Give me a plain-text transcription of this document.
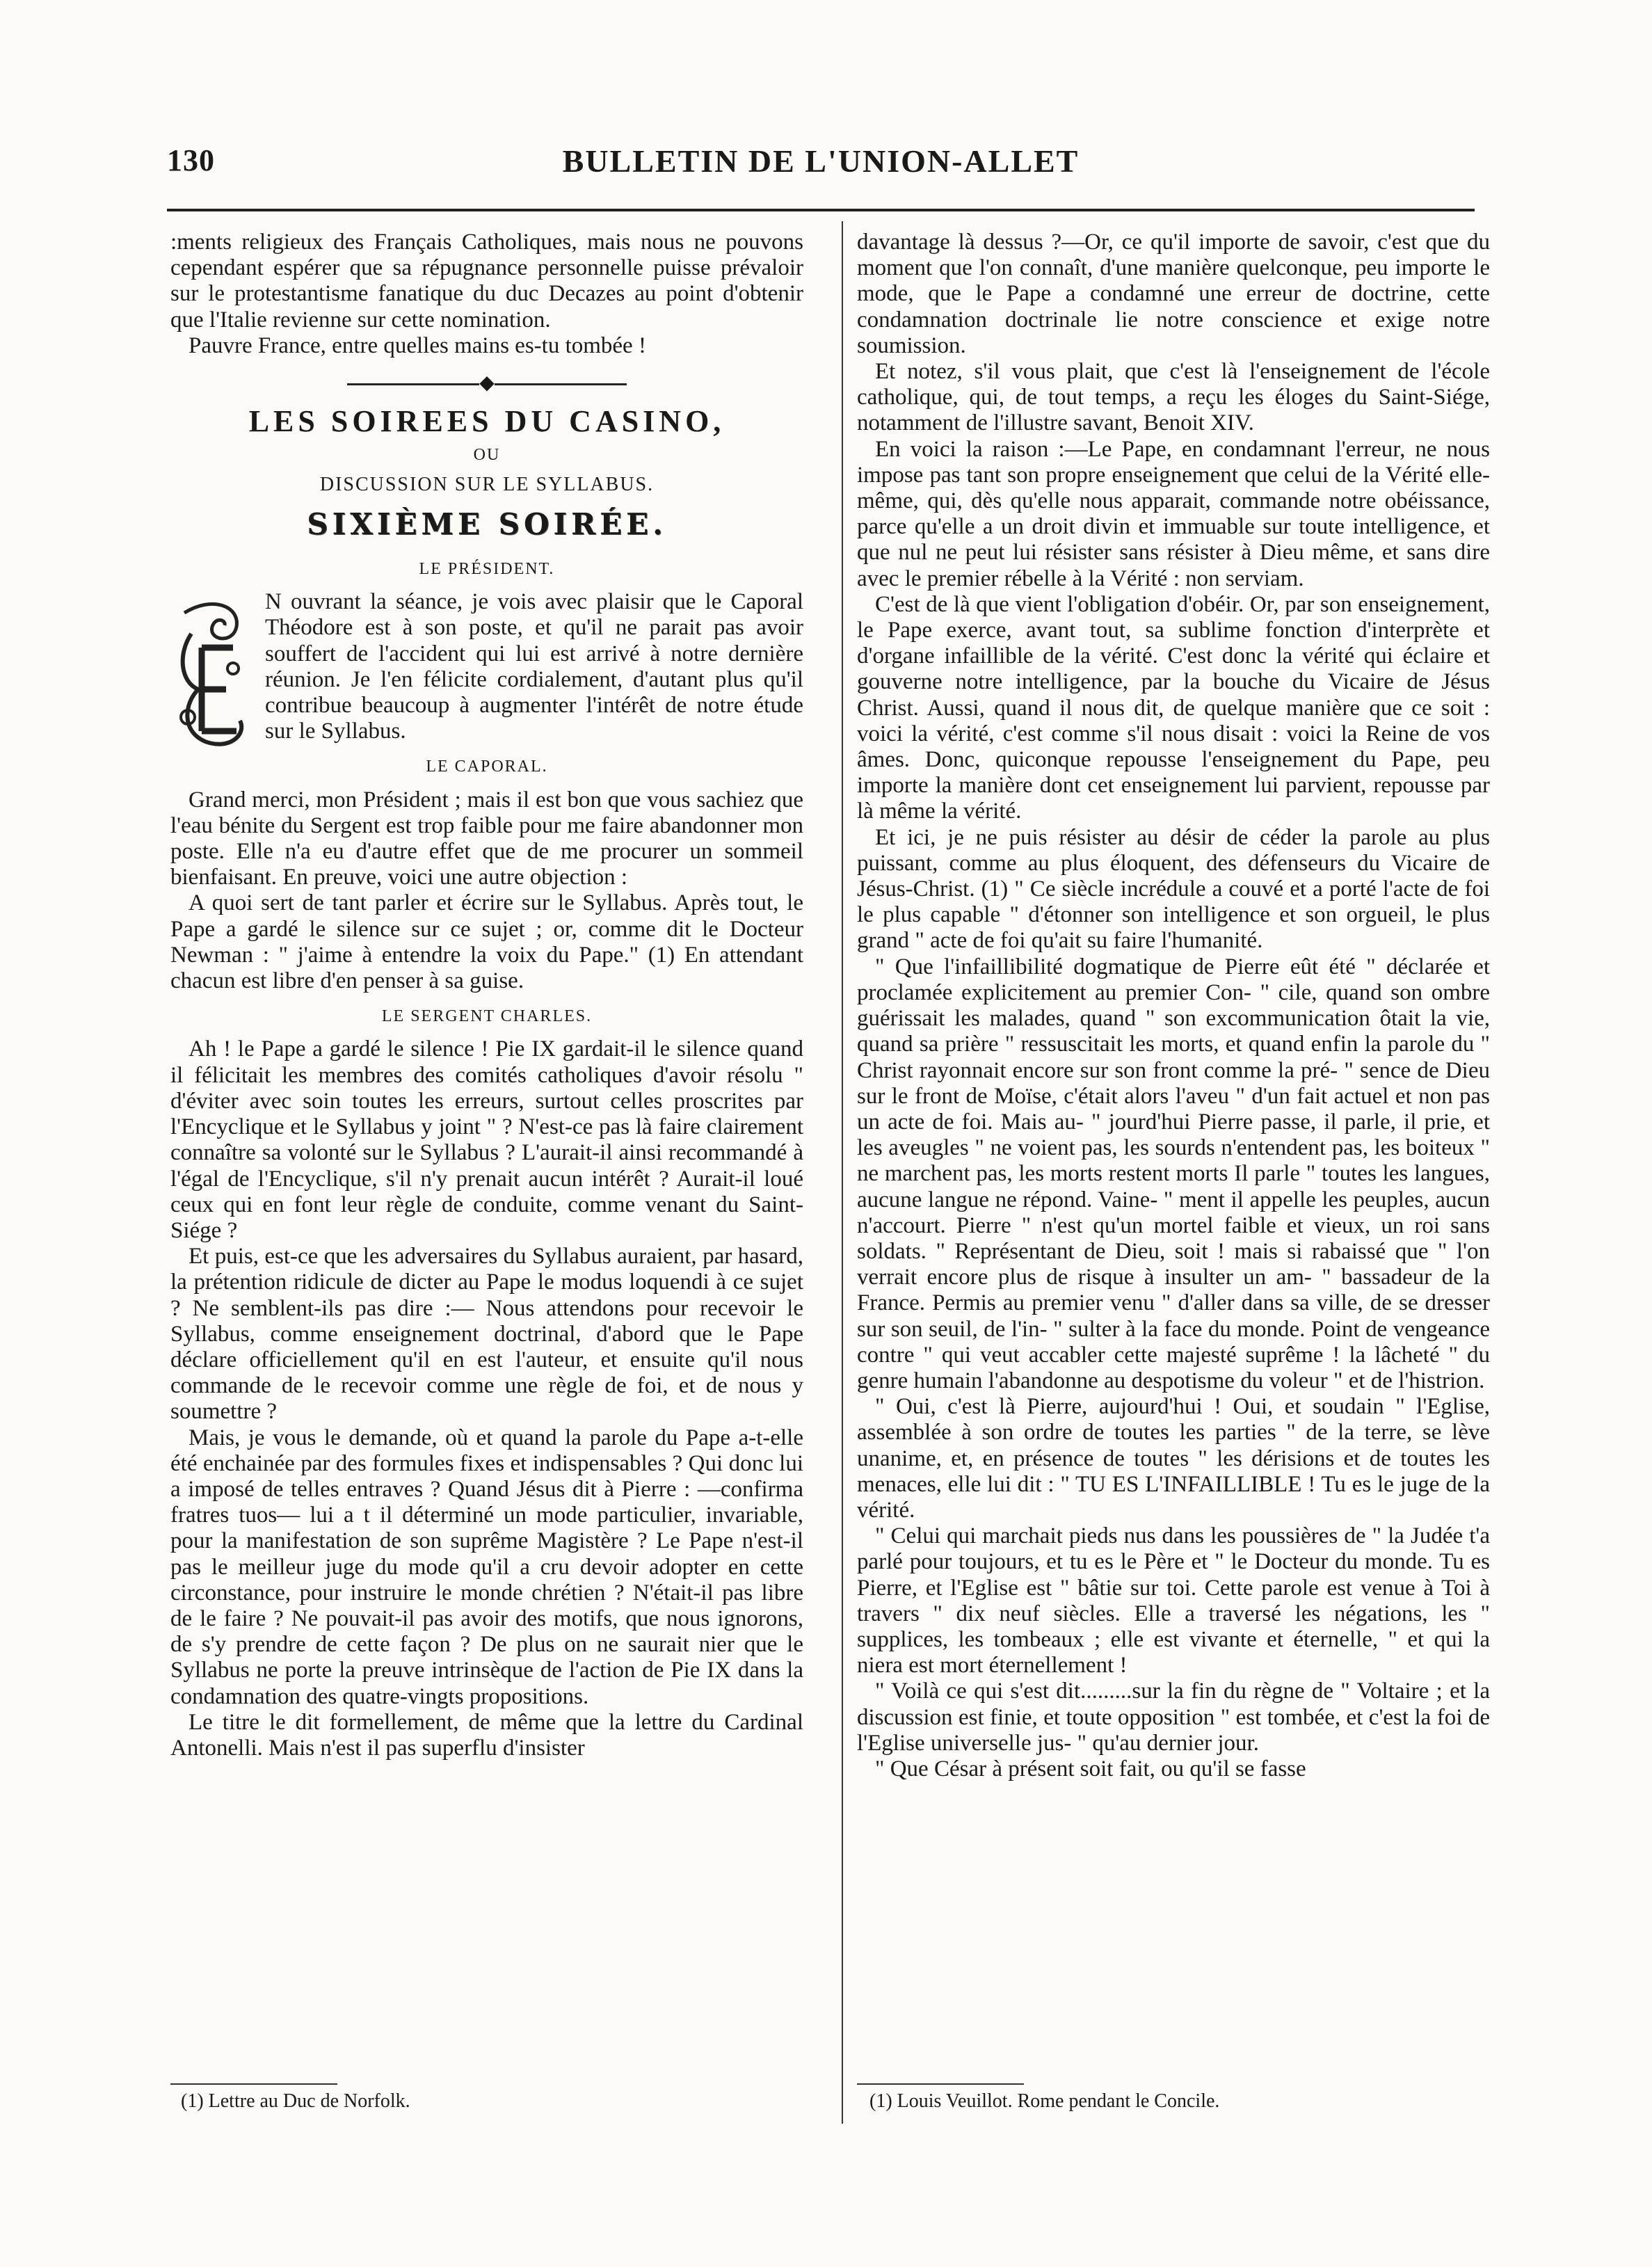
130	BULLETIN DE L'UNION-ALLET

:ments religieux des Français Catholiques, mais nous ne pouvons cependant espérer que sa répugnance personnelle puisse prévaloir sur le protestantisme fanatique du duc Decazes au point d'obtenir que l'Italie revienne sur cette nomination.

Pauvre France, entre quelles mains es-tu tombée !

◆
LES SOIREES DU CASINO,
OU
DISCUSSION SUR LE SYLLABUS.
SIXIÈME SOIRÉE.
LE PRÉSIDENT.

N ouvrant la séance, je vois avec plaisir que le Caporal Théodore est à son poste, et qu'il ne parait pas avoir souffert de l'accident qui lui est arrivé à notre dernière réunion. Je l'en félicite cordialement, d'autant plus qu'il contribue beaucoup à augmenter l'intérêt de notre étude sur le Syllabus.

LE CAPORAL.

Grand merci, mon Président ; mais il est bon que vous sachiez que l'eau bénite du Sergent est trop faible pour me faire abandonner mon poste. Elle n'a eu d'autre effet que de me procurer un sommeil bienfaisant. En preuve, voici une autre objection :

A quoi sert de tant parler et écrire sur le Syllabus. Après tout, le Pape a gardé le silence sur ce sujet ; or, comme dit le Docteur Newman : " j'aime à entendre la voix du Pape." (1) En attendant chacun est libre d'en penser à sa guise.

LE SERGENT CHARLES.

Ah ! le Pape a gardé le silence ! Pie IX gardait-il le silence quand il félicitait les membres des comités catholiques d'avoir résolu " d'éviter avec soin toutes les erreurs, surtout celles proscrites par l'Encyclique et le Syllabus y joint " ? N'est-ce pas là faire clairement connaître sa volonté sur le Syllabus ? L'aurait-il ainsi recommandé à l'égal de l'Encyclique, s'il n'y prenait aucun intérêt ? Aurait-il loué ceux qui en font leur règle de conduite, comme venant du Saint-Siége ?

Et puis, est-ce que les adversaires du Syllabus auraient, par hasard, la prétention ridicule de dicter au Pape le modus loquendi à ce sujet ? Ne semblent-ils pas dire :— Nous attendons pour recevoir le Syllabus, comme enseignement doctrinal, d'abord que le Pape déclare officiellement qu'il en est l'auteur, et ensuite qu'il nous commande de le recevoir comme une règle de foi, et de nous y soumettre ?

Mais, je vous le demande, où et quand la parole du Pape a-t-elle été enchainée par des formules fixes et indispensables ? Qui donc lui a imposé de telles entraves ? Quand Jésus dit à Pierre : —confirma fratres tuos— lui a t il déterminé un mode particulier, invariable, pour la manifestation de son suprême Magistère ? Le Pape n'est-il pas le meilleur juge du mode qu'il a cru devoir adopter en cette circonstance, pour instruire le monde chrétien ? N'était-il pas libre de le faire ? Ne pouvait-il pas avoir des motifs, que nous ignorons, de s'y prendre de cette façon ? De plus on ne saurait nier que le Syllabus ne porte la preuve intrinsèque de l'action de Pie IX dans la condamnation des quatre-vingts propositions.

Le titre le dit formellement, de même que la lettre du Cardinal Antonelli. Mais n'est il pas superflu d'insister

(1) Lettre au Duc de Norfolk.

davantage là dessus ?—Or, ce qu'il importe de savoir, c'est que du moment que l'on connaît, d'une manière quelconque, peu importe le mode, que le Pape a condamné une erreur de doctrine, cette condamnation doctrinale lie notre conscience et exige notre soumission.

Et notez, s'il vous plait, que c'est là l'enseignement de l'école catholique, qui, de tout temps, a reçu les éloges du Saint-Siége, notamment de l'illustre savant, Benoit XIV.

En voici la raison :—Le Pape, en condamnant l'erreur, ne nous impose pas tant son propre enseignement que celui de la Vérité elle-même, qui, dès qu'elle nous apparait, commande notre obéissance, parce qu'elle a un droit divin et immuable sur toute intelligence, et que nul ne peut lui résister sans résister à Dieu même, et sans dire avec le premier rébelle à la Vérité : non serviam.

C'est de là que vient l'obligation d'obéir. Or, par son enseignement, le Pape exerce, avant tout, sa sublime fonction d'interprète et d'organe infaillible de la vérité. C'est donc la vérité qui éclaire et gouverne notre intelligence, par la bouche du Vicaire de Jésus Christ. Aussi, quand il nous dit, de quelque manière que ce soit : voici la vérité, c'est comme s'il nous disait : voici la Reine de vos âmes. Donc, quiconque repousse l'enseignement du Pape, peu importe la manière dont cet enseignement lui parvient, repousse par là même la vérité.

Et ici, je ne puis résister au désir de céder la parole au plus puissant, comme au plus éloquent, des défenseurs du Vicaire de Jésus-Christ. (1) " Ce siècle incrédule a couvé et a porté l'acte de foi le plus capable " d'étonner son intelligence et son orgueil, le plus grand " acte de foi qu'ait su faire l'humanité.

" Que l'infaillibilité dogmatique de Pierre eût été " déclarée et proclamée explicitement au premier Con- " cile, quand son ombre guérissait les malades, quand " son excommunication ôtait la vie, quand sa prière " ressuscitait les morts, et quand enfin la parole du " Christ rayonnait encore sur son front comme la pré- " sence de Dieu sur le front de Moïse, c'était alors l'aveu " d'un fait actuel et non pas un acte de foi. Mais au- " jourd'hui Pierre passe, il parle, il prie, et les aveugles " ne voient pas, les sourds n'entendent pas, les boiteux " ne marchent pas, les morts restent morts Il parle " toutes les langues, aucune langue ne répond. Vaine- " ment il appelle les peuples, aucun n'accourt. Pierre " n'est qu'un mortel faible et vieux, un roi sans soldats. " Représentant de Dieu, soit ! mais si rabaissé que " l'on verrait encore plus de risque à insulter un am- " bassadeur de la France. Permis au premier venu " d'aller dans sa ville, de se dresser sur son seuil, de l'in- " sulter à la face du monde. Point de vengeance contre " qui veut accabler cette majesté suprême ! la lâcheté " du genre humain l'abandonne au despotisme du voleur " et de l'histrion.

" Oui, c'est là Pierre, aujourd'hui ! Oui, et soudain " l'Eglise, assemblée à son ordre de toutes les parties " de la terre, se lève unanime, et, en présence de toutes " les dérisions et de toutes les menaces, elle lui dit : " TU ES L'INFAILLIBLE ! Tu es le juge de la vérité.

" Celui qui marchait pieds nus dans les poussières de " la Judée t'a parlé pour toujours, et tu es le Père et " le Docteur du monde. Tu es Pierre, et l'Eglise est " bâtie sur toi. Cette parole est venue à Toi à travers " dix neuf siècles. Elle a traversé les négations, les " supplices, les tombeaux ; elle est vivante et éternelle, " et qui la niera est mort éternellement !

" Voilà ce qui s'est dit.........sur la fin du règne de " Voltaire ; et la discussion est finie, et toute opposition " est tombée, et c'est la foi de l'Eglise universelle jus- " qu'au dernier jour.

" Que César à présent soit fait, ou qu'il se fasse

(1) Louis Veuillot. Rome pendant le Concile.
